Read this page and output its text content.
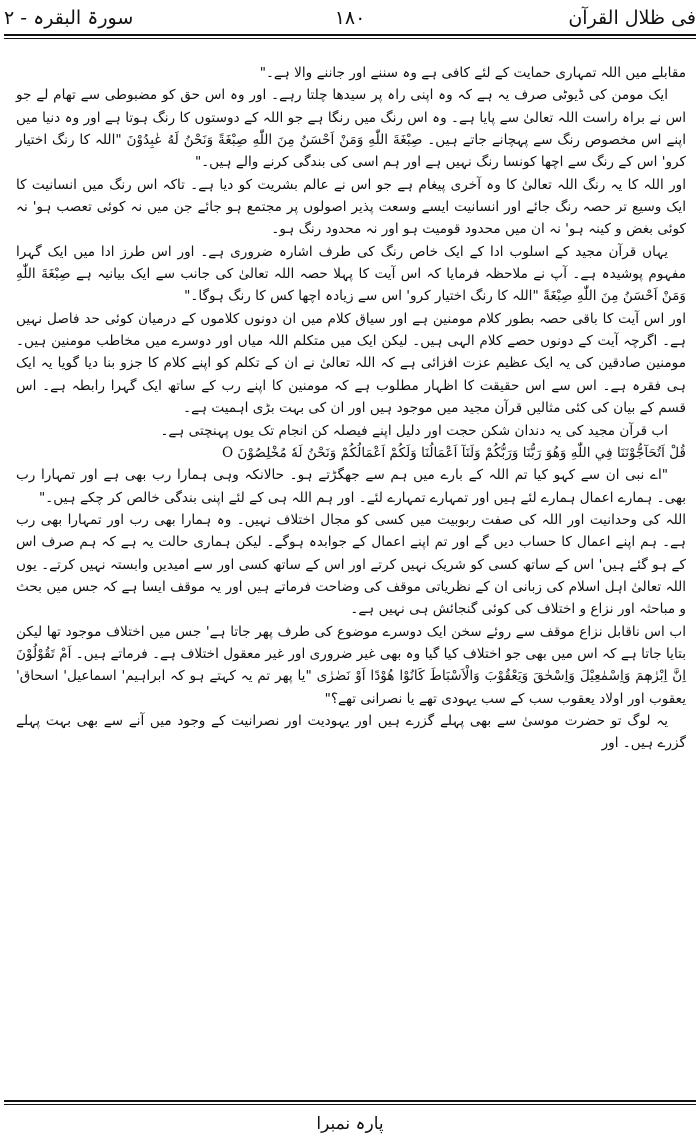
فی ظلال القرآن
۱۸۰
سورۃ البقرہ - ۲

مقابلے میں اللہ تمہاری حمایت کے لئے کافی ہے وہ سننے اور جاننے والا ہے۔"

ایک مومن کی ڈیوٹی صرف یہ ہے کہ وہ اپنی راہ پر سیدھا چلتا رہے۔ اور وہ اس حق کو مضبوطی سے تھام لے جو اس نے براہ راست اللہ تعالیٰ سے پایا ہے۔ وہ اس رنگ میں رنگا ہے جو اللہ کے دوستوں کا رنگ ہوتا ہے اور وہ دنیا میں اپنے اس مخصوص رنگ سے پہچانے جاتے ہیں۔ صِبْغَةَ اللّٰهِ وَمَنْ اَحْسَنُ مِنَ اللّٰهِ صِبْغَةً وَنَحْنُ لَهُ عٰبِدُوْنَ "اللہ کا رنگ اختیار کرو' اس کے رنگ سے اچھا کونسا رنگ نہیں ہے اور ہم اسی کی بندگی کرنے والے ہیں۔"

اور اللہ کا یہ رنگ اللہ تعالیٰ کا وہ آخری پیغام ہے جو اس نے عالم بشریت کو دیا ہے۔ تاکہ اس رنگ میں انسانیت کا ایک وسیع تر حصہ رنگ جائے اور انسانیت ایسے وسعت پذیر اصولوں پر مجتمع ہو جائے جن میں نہ کوئی تعصب ہو' نہ کوئی بغض و کینہ ہو' نہ ان میں محدود قومیت ہو اور نہ محدود رنگ ہو۔

یہاں قرآن مجید کے اسلوب ادا کے ایک خاص رنگ کی طرف اشارہ ضروری ہے۔ اور اس طرز ادا میں ایک گہرا مفہوم پوشیدہ ہے۔ آپ نے ملاحظہ فرمایا کہ اس آیت کا پہلا حصہ اللہ تعالیٰ کی جانب سے ایک بیانیہ ہے صِبْغَةَ اللّٰهِ وَمَنْ اَحْسَنُ مِنَ اللّٰهِ صِبْغَةً "اللہ کا رنگ اختیار کرو' اس سے زیادہ اچھا کس کا رنگ ہوگا۔"

اور اس آیت کا باقی حصہ بطور کلام مومنین ہے اور سیاق کلام میں ان دونوں کلاموں کے درمیان کوئی حد فاصل نہیں ہے۔ اگرچہ آیت کے دونوں حصے کلام الہی ہیں۔ لیکن ایک میں متکلم اللہ میاں اور دوسرے میں مخاطب مومنین ہیں۔ مومنین صادقین کی یہ ایک عظیم عزت افزائی ہے کہ اللہ تعالیٰ نے ان کے تکلم کو اپنے کلام کا جزو بنا دیا گویا یہ ایک ہی فقرہ ہے۔ اس سے اس حقیقت کا اظہار مطلوب ہے کہ مومنین کا اپنے رب کے ساتھ ایک گہرا رابطہ ہے۔ اس قسم کے بیان کی کئی مثالیں قرآن مجید میں موجود ہیں اور ان کی بہت بڑی اہمیت ہے۔

اب قرآن مجید کی یہ دندان شکن حجت اور دلیل اپنے فیصلہ کن انجام تک یوں پہنچتی ہے۔

قُلْ اَتُحَآجُّوْنَنَا فِي اللّٰهِ وَهُوَ رَبُّنَا وَرَبُّكُمْ وَلَنَآ اَعْمَالُنَا وَلَكُمْ اَعْمَالُكُمْ وَنَحْنُ لَهٗ مُخْلِصُوْنَ O

"اے نبی ان سے کہو کیا تم اللہ کے بارے میں ہم سے جھگڑتے ہو۔ حالانکہ وہی ہمارا رب بھی ہے اور تمہارا رب بھی۔ ہمارے اعمال ہمارے لئے ہیں اور تمہارے تمہارے لئے۔ اور ہم اللہ ہی کے لئے اپنی بندگی خالص کر چکے ہیں۔"

اللہ کی وحدانیت اور اللہ کی صفت ربوبیت میں کسی کو مجال اختلاف نہیں۔ وہ ہمارا بھی رب اور تمہارا بھی رب ہے۔ ہم اپنے اعمال کا حساب دیں گے اور تم اپنے اعمال کے جوابدہ ہوگے۔ لیکن ہماری حالت یہ ہے کہ ہم صرف اس کے ہو گئے ہیں' اس کے ساتھ کسی کو شریک نہیں کرتے اور اس کے ساتھ کسی اور سے امیدیں وابستہ نہیں کرتے۔ یوں اللہ تعالیٰ اہل اسلام کی زبانی ان کے نظریاتی موقف کی وضاحت فرماتے ہیں اور یہ موقف ایسا ہے کہ جس میں بحث و مباحثہ اور نزاع و اختلاف کی کوئی گنجائش ہی نہیں ہے۔

اب اس ناقابل نزاع موقف سے روئے سخن ایک دوسرے موضوع کی طرف پھر جاتا ہے' جس میں اختلاف موجود تھا لیکن بتایا جاتا ہے کہ اس میں بھی جو اختلاف کیا گیا وہ بھی غیر ضروری اور غیر معقول اختلاف ہے۔ فرماتے ہیں۔ اَمْ تَقُوْلُوْنَ اِنَّ اِبْرٰهٖمَ وَاِسْمٰعِيْلَ وَاِسْحٰقَ وَيَعْقُوْبَ وَالْاَسْبَاطَ كَانُوْا هُوْدًا اَوْ نَصٰرٰى "یا پھر تم یہ کہتے ہو کہ ابراہیم' اسماعیل' اسحاق' یعقوب اور اولاد یعقوب سب کے سب یہودی تھے یا نصرانی تھے؟"

یہ لوگ تو حضرت موسیٰ سے بھی پہلے گزرے ہیں اور یہودیت اور نصرانیت کے وجود میں آنے سے بھی بہت پہلے گزرے ہیں۔ اور

پارہ نمبرا
